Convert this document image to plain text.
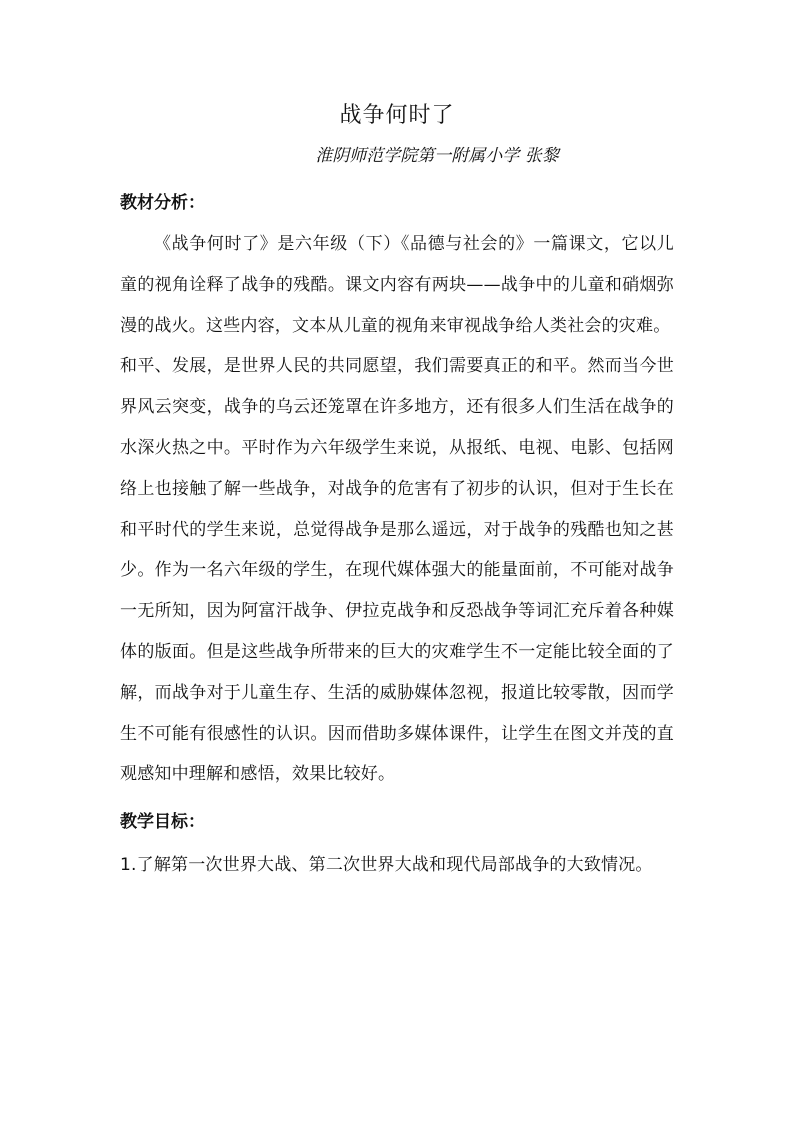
战争何时了

淮阴师范学院第一附属小学 张黎

教材分析：

《战争何时了》是六年级（下）《品德与社会的》一篇课文，它以儿童的视角诠释了战争的残酷。课文内容有两块——战争中的儿童和硝烟弥漫的战火。这些内容，文本从儿童的视角来审视战争给人类社会的灾难。

和平、发展，是世界人民的共同愿望，我们需要真正的和平。然而当今世界风云突变，战争的乌云还笼罩在许多地方，还有很多人们生活在战争的水深火热之中。平时作为六年级学生来说，从报纸、电视、电影、包括网络上也接触了解一些战争，对战争的危害有了初步的认识，但对于生长在和平时代的学生来说，总觉得战争是那么遥远，对于战争的残酷也知之甚少。作为一名六年级的学生，在现代媒体强大的能量面前，不可能对战争一无所知，因为阿富汗战争、伊拉克战争和反恐战争等词汇充斥着各种媒体的版面。但是这些战争所带来的巨大的灾难学生不一定能比较全面的了解，而战争对于儿童生存、生活的威胁媒体忽视，报道比较零散，因而学生不可能有很感性的认识。因而借助多媒体课件，让学生在图文并茂的直观感知中理解和感悟，效果比较好。

教学目标：

1.了解第一次世界大战、第二次世界大战和现代局部战争的大致情况。
